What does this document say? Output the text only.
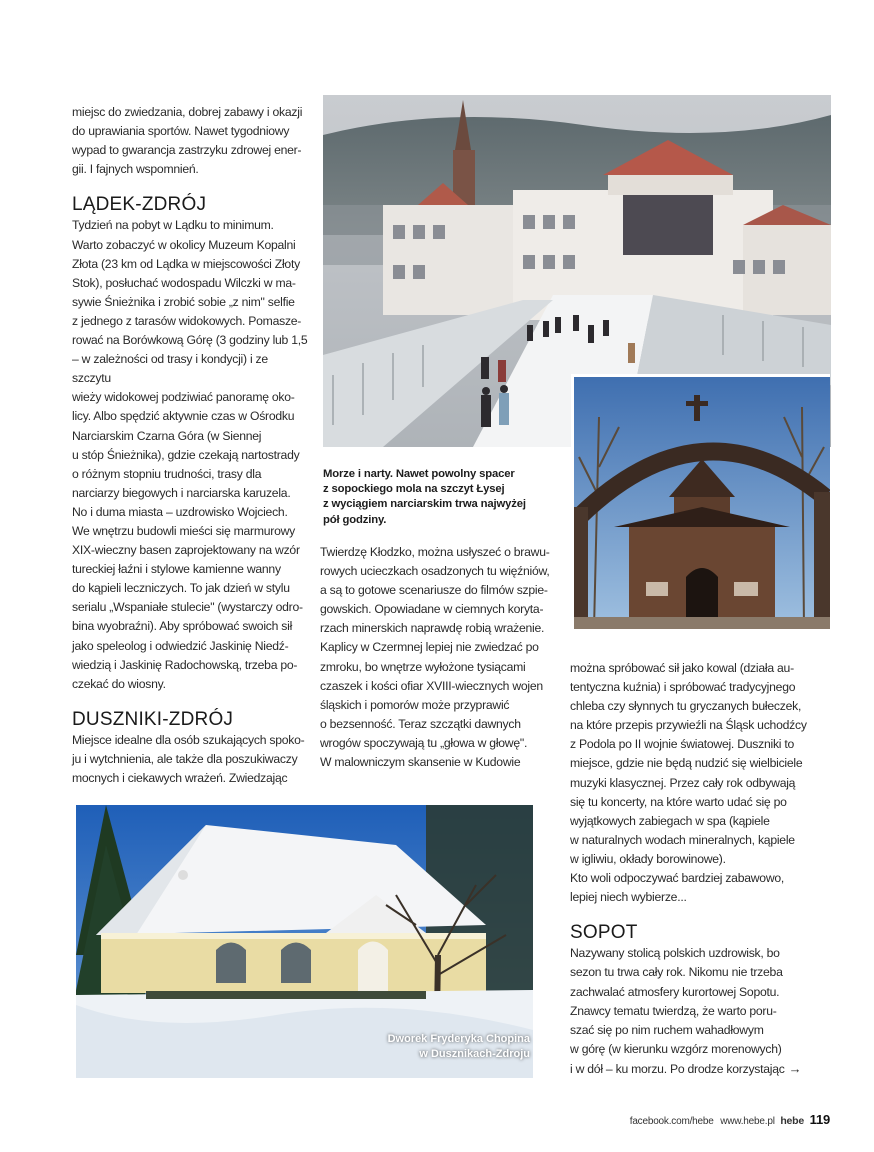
miejsc do zwiedzania, dobrej zabawy i okazji
do uprawiania sportów. Nawet tygodniowy
wypad to gwarancja zastrzyku zdrowej ener-
gii. I fajnych wspomnień.

LĄDEK-ZDRÓJ

Tydzień na pobyt w Lądku to minimum.
Warto zobaczyć w okolicy Muzeum Kopalni
Złota (23 km od Lądka w miejscowości Złoty
Stok), posłuchać wodospadu Wilczki w ma-
sywie Śnieżnika i zrobić sobie „z nim" selfie
z jednego z tarasów widokowych. Pomasze-
rować na Borówkową Górę (3 godziny lub 1,5
– w zależności od trasy i kondycji) i ze szczytu
wieży widokowej podziwiać panoramę oko-
licy. Albo spędzić aktywnie czas w Ośrodku
Narciarskim Czarna Góra (w Siennej
u stóp Śnieżnika), gdzie czekają nartostrady
o różnym stopniu trudności, trasy dla
narciarzy biegowych i narciarska karuzela.
No i duma miasta – uzdrowisko Wojciech.
We wnętrzu budowli mieści się marmurowy
XIX-wieczny basen zaprojektowany na wzór
tureckiej łaźni i stylowe kamienne wanny
do kąpieli leczniczych. To jak dzień w stylu
serialu „Wspaniałe stulecie" (wystarczy odro-
bina wyobraźni). Aby spróbować swoich sił
jako speleolog i odwiedzić Jaskinię Niedź-
wiedzią i Jaskinię Radochowską, trzeba po-
czekać do wiosny.

DUSZNIKI-ZDRÓJ

Miejsce idealne dla osób szukających spoko-
ju i wytchnienia, ale także dla poszukiwaczy
mocnych i ciekawych wrażeń. Zwiedzając

Morze i narty. Nawet powolny spacer
z sopockiego mola na szczyt Łysej
z wyciągiem narciarskim trwa najwyżej
pół godziny.

Twierdzę Kłodzko, można usłyszeć o brawu-
rowych ucieczkach osadzonych tu więźniów,
a są to gotowe scenariusze do filmów szpie-
gowskich. Opowiadane w ciemnych koryta-
rzach minerskich naprawdę robią wrażenie.
Kaplicy w Czermnej lepiej nie zwiedzać po
zmroku, bo wnętrze wyłożone tysiącami
czaszek i kości ofiar XVIII-wiecznych wojen
śląskich i pomorów może przyprawić
o bezsenność. Teraz szczątki dawnych
wrogów spoczywają tu „głowa w głowę".
W malowniczym skansenie w Kudowie

można spróbować sił jako kowal (działa au-
tentyczna kuźnia) i spróbować tradycyjnego
chleba czy słynnych tu gryczanych bułeczek,
na które przepis przywieźli na Śląsk uchodźcy
z Podola po II wojnie światowej. Duszniki to
miejsce, gdzie nie będą nudzić się wielbiciele
muzyki klasycznej. Przez cały rok odbywają
się tu koncerty, na które warto udać się po
wyjątkowych zabiegach w spa (kąpiele
w naturalnych wodach mineralnych, kąpiele
w igliwiu, okłady borowinowe).
Kto woli odpoczywać bardziej zabawowo,
lepiej niech wybierze...

SOPOT

Nazywany stolicą polskich uzdrowisk, bo
sezon tu trwa cały rok. Nikomu nie trzeba
zachwalać atmosfery kurortowej Sopotu.
Znawcy tematu twierdzą, że warto poru-
szać się po nim ruchem wahadłowym
w górę (w kierunku wzgórz morenowych)
i w dół – ku morzu. Po drodze korzystając →
Dworek Fryderyka Chopina
w Dusznikach-Zdroju
facebook.com/hebe www.hebe.pl hebe 119
